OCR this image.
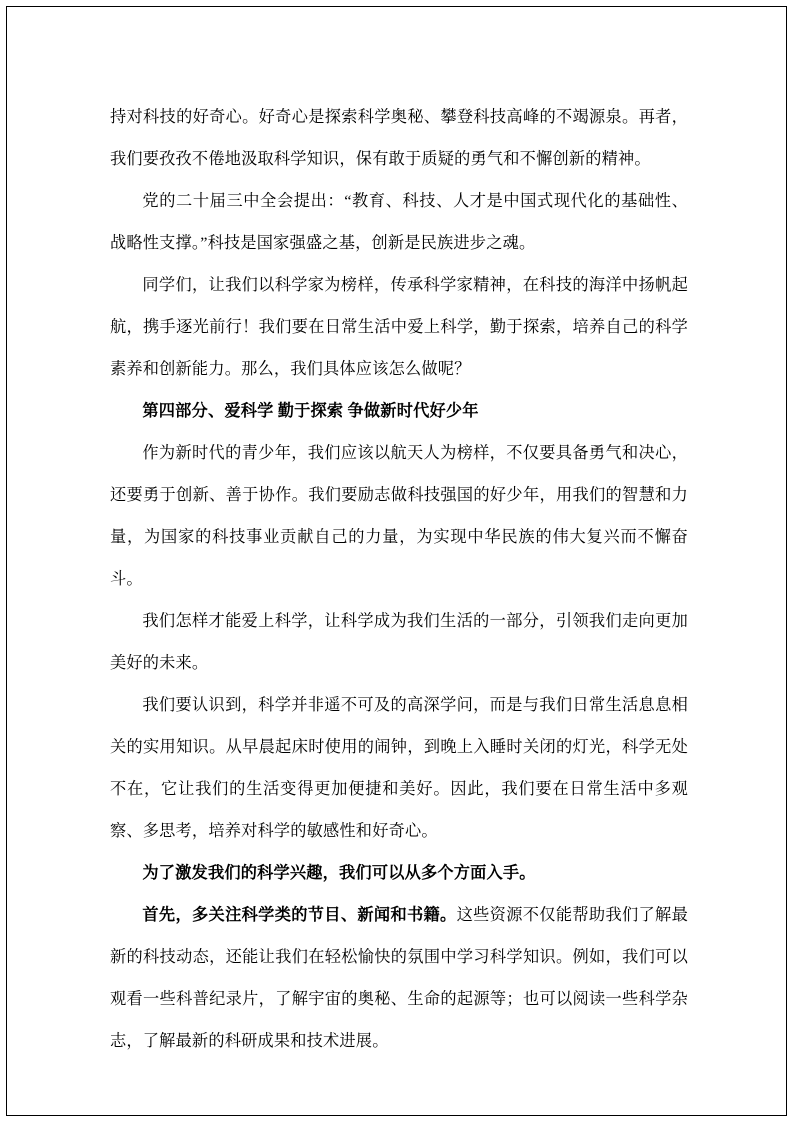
持对科技的好奇心。好奇心是探索科学奥秘、攀登科技高峰的不竭源泉。再者，我们要孜孜不倦地汲取科学知识，保有敢于质疑的勇气和不懈创新的精神。

党的二十届三中全会提出：“教育、科技、人才是中国式现代化的基础性、战略性支撑。”科技是国家强盛之基，创新是民族进步之魂。

同学们，让我们以科学家为榜样，传承科学家精神，在科技的海洋中扬帆起航，携手逐光前行！我们要在日常生活中爱上科学，勤于探索，培养自己的科学素养和创新能力。那么，我们具体应该怎么做呢？

第四部分、爱科学 勤于探索 争做新时代好少年

作为新时代的青少年，我们应该以航天人为榜样，不仅要具备勇气和决心，还要勇于创新、善于协作。我们要励志做科技强国的好少年，用我们的智慧和力量，为国家的科技事业贡献自己的力量，为实现中华民族的伟大复兴而不懈奋斗。

我们怎样才能爱上科学，让科学成为我们生活的一部分，引领我们走向更加美好的未来。

我们要认识到，科学并非遥不可及的高深学问，而是与我们日常生活息息相关的实用知识。从早晨起床时使用的闹钟，到晚上入睡时关闭的灯光，科学无处不在，它让我们的生活变得更加便捷和美好。因此，我们要在日常生活中多观察、多思考，培养对科学的敏感性和好奇心。

为了激发我们的科学兴趣，我们可以从多个方面入手。

首先，多关注科学类的节目、新闻和书籍。这些资源不仅能帮助我们了解最新的科技动态，还能让我们在轻松愉快的氛围中学习科学知识。例如，我们可以观看一些科普纪录片，了解宇宙的奥秘、生命的起源等；也可以阅读一些科学杂志，了解最新的科研成果和技术进展。
